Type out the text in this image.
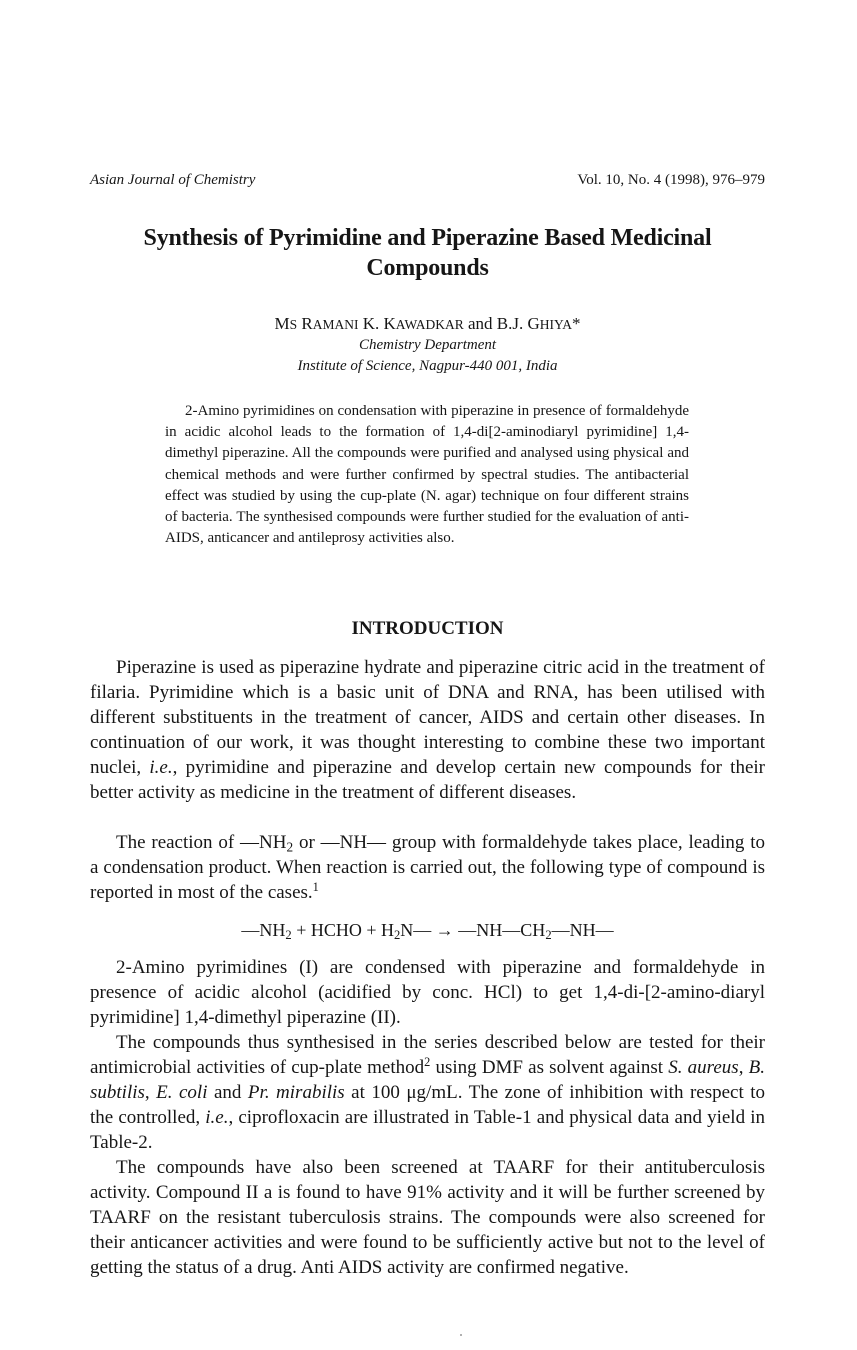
Asian Journal of Chemistry	Vol. 10, No. 4 (1998), 976–979
Synthesis of Pyrimidine and Piperazine Based Medicinal Compounds
MS RAMANI K. KAWADKAR and B.J. GHIYA*
Chemistry Department
Institute of Science, Nagpur-440 001, India
2-Amino pyrimidines on condensation with piperazine in presence of formaldehyde in acidic alcohol leads to the formation of 1,4-di[2-aminodiaryl pyrimidine] 1,4-dimethyl piperazine. All the compounds were purified and analysed using physical and chemical methods and were further confirmed by spectral studies. The antibacterial effect was studied by using the cup-plate (N. agar) technique on four different strains of bacteria. The synthesised compounds were further studied for the evaluation of anti-AIDS, anticancer and antileprosy activities also.
INTRODUCTION

Piperazine is used as piperazine hydrate and piperazine citric acid in the treatment of filaria. Pyrimidine which is a basic unit of DNA and RNA, has been utilised with different substituents in the treatment of cancer, AIDS and certain other diseases. In continuation of our work, it was thought interesting to combine these two important nuclei, i.e., pyrimidine and piperazine and develop certain new compounds for their better activity as medicine in the treatment of different diseases.

The reaction of $—NH_2$ or —NH— group with formaldehyde takes place, leading to a condensation product. When reaction is carried out, the following type of compound is reported in most of the cases.$^1$

$—NH_2$ + HCHO + $H_2N—$ → $—NH—CH_2—NH—$

2-Amino pyrimidines (I) are condensed with piperazine and formaldehyde in presence of acidic alcohol (acidified by conc. HCl) to get 1,4-di-[2-amino-diaryl pyrimidine] 1,4-dimethyl piperazine (II).

The compounds thus synthesised in the series described below are tested for their antimicrobial activities of cup-plate method$^2$ using DMF as solvent against S. aureus, B. subtilis, E. coli and Pr. mirabilis at 100 μg/mL. The zone of inhibition with respect to the controlled, i.e., ciprofloxacin are illustrated in Table-1 and physical data and yield in Table-2.

The compounds have also been screened at TAARF for their antituberculosis activity. Compound II a is found to have 91% activity and it will be further screened by TAARF on the resistant tuberculosis strains. The compounds were also screened for their anticancer activities and were found to be sufficiently active but not to the level of getting the status of a drug. Anti AIDS activity are confirmed negative.
